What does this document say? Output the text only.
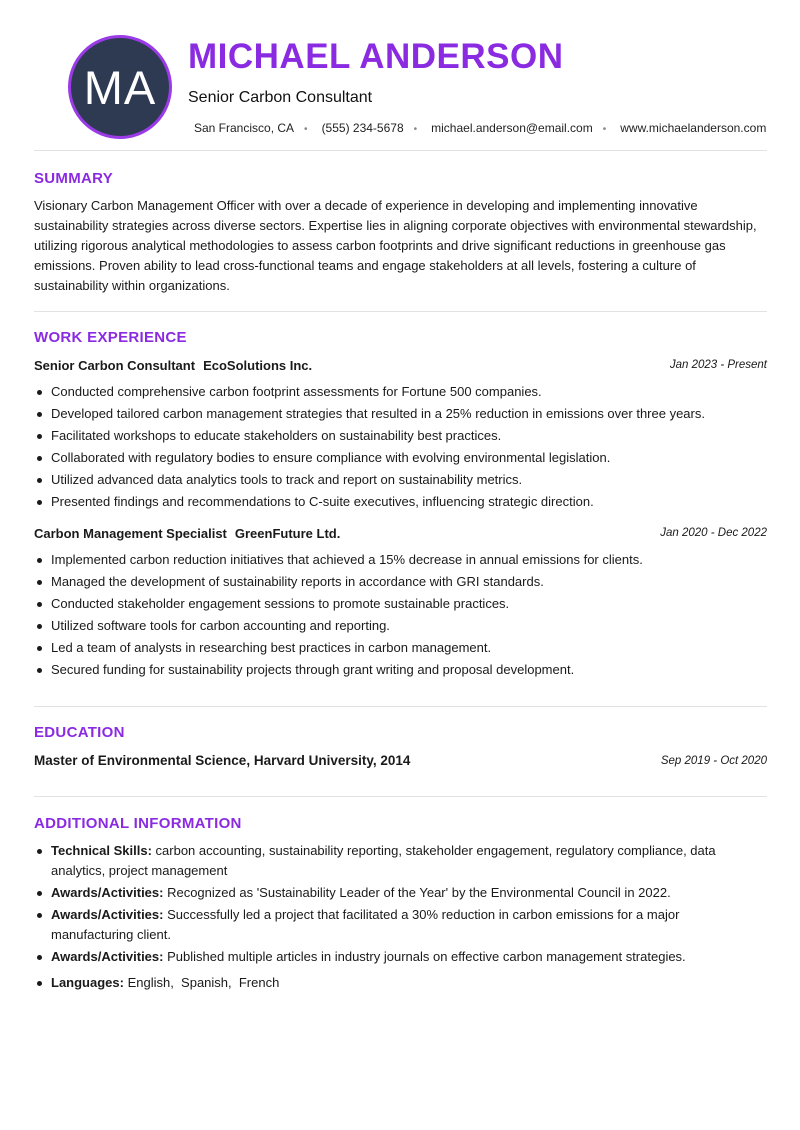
MA
MICHAEL ANDERSON
Senior Carbon Consultant
San Francisco, CA • (555) 234-5678 • michael.anderson@email.com • www.michaelanderson.com
SUMMARY

Visionary Carbon Management Officer with over a decade of experience in developing and implementing innovative sustainability strategies across diverse sectors. Expertise lies in aligning corporate objectives with environmental stewardship, utilizing rigorous analytical methodologies to assess carbon footprints and drive significant reductions in greenhouse gas emissions. Proven ability to lead cross-functional teams and engage stakeholders at all levels, fostering a culture of sustainability within organizations.

WORK EXPERIENCE
Senior Carbon Consultant EcoSolutions Inc.	Jan 2023 - Present
Conducted comprehensive carbon footprint assessments for Fortune 500 companies.
Developed tailored carbon management strategies that resulted in a 25% reduction in emissions over three years.
Facilitated workshops to educate stakeholders on sustainability best practices.
Collaborated with regulatory bodies to ensure compliance with evolving environmental legislation.
Utilized advanced data analytics tools to track and report on sustainability metrics.
Presented findings and recommendations to C-suite executives, influencing strategic direction.
Carbon Management Specialist GreenFuture Ltd.	Jan 2020 - Dec 2022
Implemented carbon reduction initiatives that achieved a 15% decrease in annual emissions for clients.
Managed the development of sustainability reports in accordance with GRI standards.
Conducted stakeholder engagement sessions to promote sustainable practices.
Utilized software tools for carbon accounting and reporting.
Led a team of analysts in researching best practices in carbon management.
Secured funding for sustainability projects through grant writing and proposal development.
EDUCATION
Master of Environmental Science, Harvard University, 2014	Sep 2019 - Oct 2020
ADDITIONAL INFORMATION
Technical Skills: carbon accounting, sustainability reporting, stakeholder engagement, regulatory compliance, data analytics, project management
Awards/Activities: Recognized as 'Sustainability Leader of the Year' by the Environmental Council in 2022.
Awards/Activities: Successfully led a project that facilitated a 30% reduction in carbon emissions for a major manufacturing client.
Awards/Activities: Published multiple articles in industry journals on effective carbon management strategies.
Languages: English,  Spanish,  French
